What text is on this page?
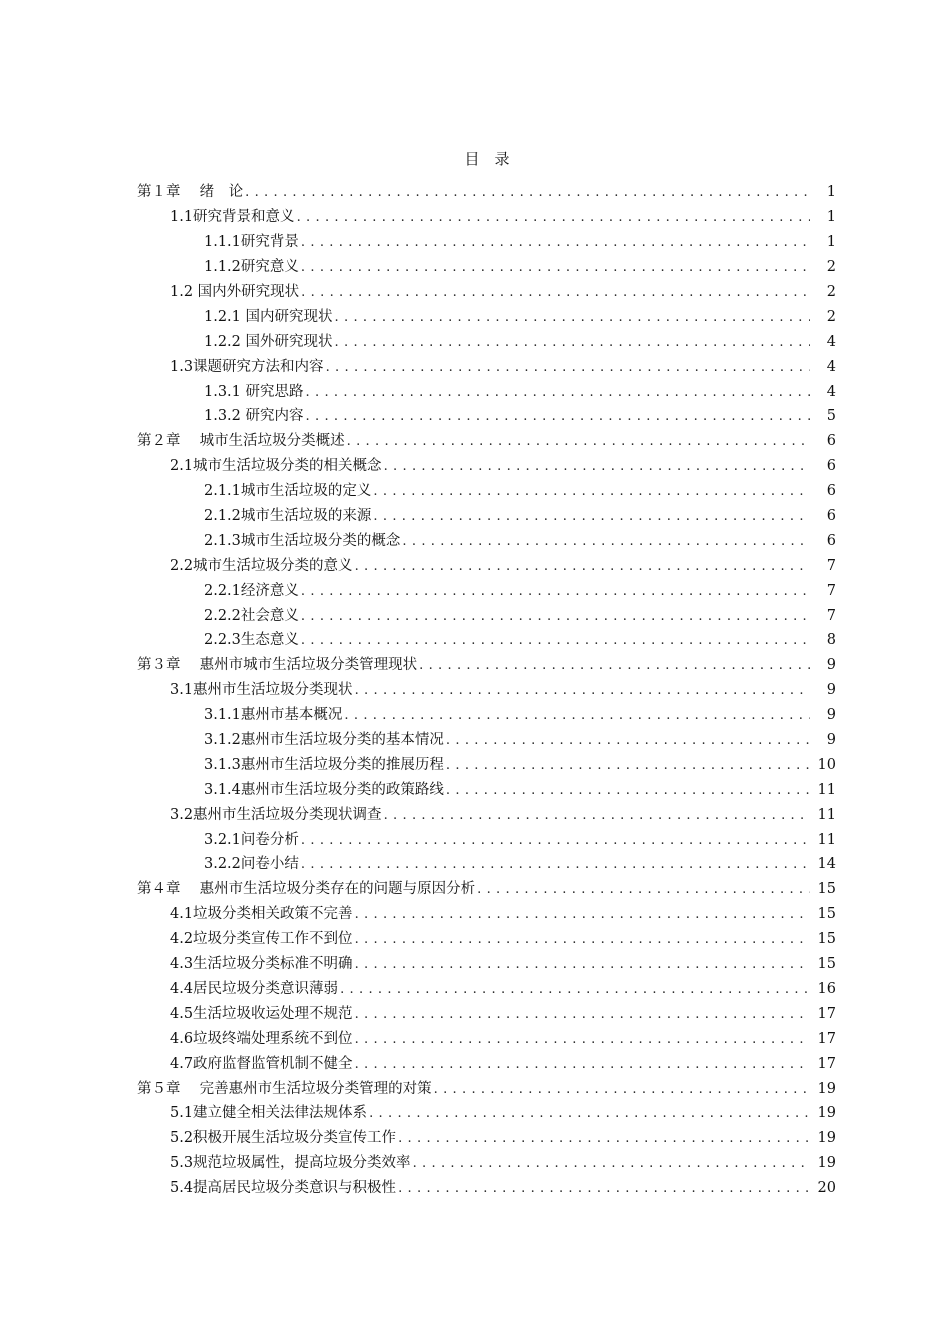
目　录
第１章　 绪　论 . . .	1
1.1研究背景和意义 . . .	1
1.1.1研究背景 . . .	1
1.1.2研究意义 . . .	2
1.2 国内外研究现状 . . .	2
1.2.1 国内研究现状 . . .	2
1.2.2 国外研究现状 . . .	4
1.3课题研究方法和内容 . . .	4
1.3.1 研究思路 . . .	4
1.3.2 研究内容 . . .	5
第２章　 城市生活垃圾分类概述 . . .	6
2.1城市生活垃圾分类的相关概念 . . .	6
2.1.1城市生活垃圾的定义 . . .	6
2.1.2城市生活垃圾的来源 . . .	6
2.1.3城市生活垃圾分类的概念 . . .	6
2.2城市生活垃圾分类的意义 . . .	7
2.2.1经济意义 . . .	7
2.2.2社会意义 . . .	7
2.2.3生态意义 . . .	8
第３章　 惠州市城市生活垃圾分类管理现状 . . .	9
3.1惠州市生活垃圾分类现状 . . .	9
3.1.1惠州市基本概况 . . .	9
3.1.2惠州市生活垃圾分类的基本情况 . . .	9
3.1.3惠州市生活垃圾分类的推展历程 . . .	10
3.1.4惠州市生活垃圾分类的政策路线 . . .	11
3.2惠州市生活垃圾分类现状调查 . . .	11
3.2.1问卷分析 . . .	11
3.2.2问卷小结 . . .	14
第４章　 惠州市生活垃圾分类存在的问题与原因分析 . . .	15
4.1垃圾分类相关政策不完善 . . .	15
4.2垃圾分类宣传工作不到位 . . .	15
4.3生活垃圾分类标准不明确 . . .	15
4.4居民垃圾分类意识薄弱 . . .	16
4.5生活垃圾收运处理不规范 . . .	17
4.6垃圾终端处理系统不到位 . . .	17
4.7政府监督监管机制不健全 . . .	17
第５章　 完善惠州市生活垃圾分类管理的对策 . . .	19
5.1建立健全相关法律法规体系 . . .	19
5.2积极开展生活垃圾分类宣传工作 . . .	19
5.3规范垃圾属性，提高垃圾分类效率 . . .	19
5.4提高居民垃圾分类意识与积极性 . . .	20
